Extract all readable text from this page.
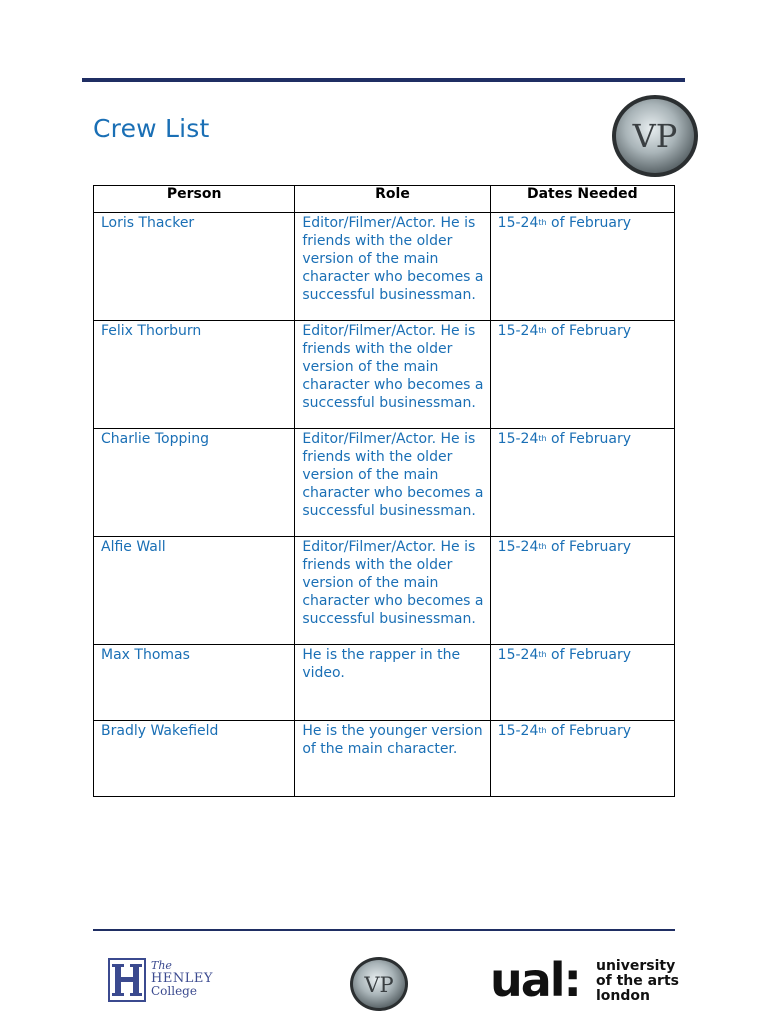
Crew List	VP
Person	Role	Dates Needed
Loris Thacker	Editor/Filmer/Actor. He is friends with the older version of the main character who becomes a successful businessman.	15-24th of February
Felix Thorburn	Editor/Filmer/Actor. He is friends with the older version of the main character who becomes a successful businessman.	15-24th of February
Charlie Topping	Editor/Filmer/Actor. He is friends with the older version of the main character who becomes a successful businessman.	15-24th of February
Alfie Wall	Editor/Filmer/Actor. He is friends with the older version of the main character who becomes a successful businessman.	15-24th of February
Max Thomas	He is the rapper in the video.	15-24th of February
Bradly Wakefield	He is the younger version of the main character.	15-24th of February
The
HENLEY
College	VP ual: university
of the arts
london
